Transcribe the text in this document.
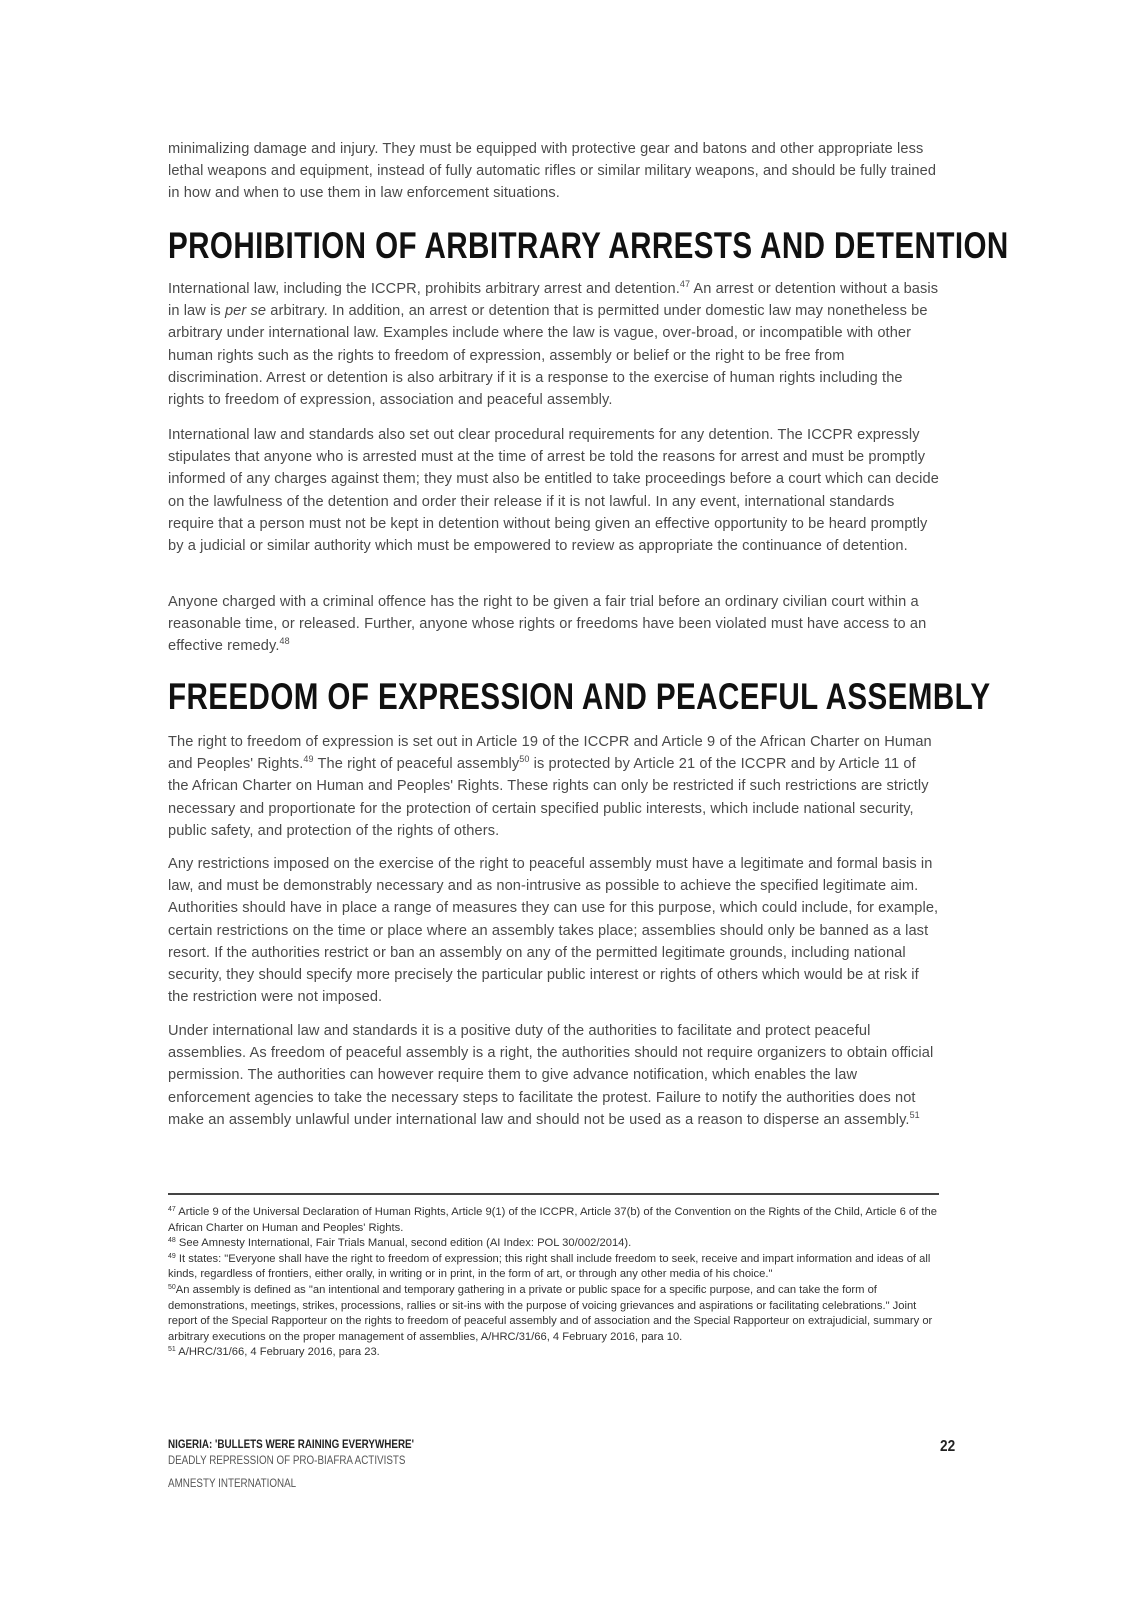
minimalizing damage and injury. They must be equipped with protective gear and batons and other appropriate less lethal weapons and equipment, instead of fully automatic rifles or similar military weapons, and should be fully trained in how and when to use them in law enforcement situations.

PROHIBITION OF ARBITRARY ARRESTS AND DETENTION

International law, including the ICCPR, prohibits arbitrary arrest and detention.$^{47}$ An arrest or detention without a basis in law is per se arbitrary. In addition, an arrest or detention that is permitted under domestic law may nonetheless be arbitrary under international law. Examples include where the law is vague, over-broad, or incompatible with other human rights such as the rights to freedom of expression, assembly or belief or the right to be free from discrimination. Arrest or detention is also arbitrary if it is a response to the exercise of human rights including the rights to freedom of expression, association and peaceful assembly.

International law and standards also set out clear procedural requirements for any detention. The ICCPR expressly stipulates that anyone who is arrested must at the time of arrest be told the reasons for arrest and must be promptly informed of any charges against them; they must also be entitled to take proceedings before a court which can decide on the lawfulness of the detention and order their release if it is not lawful. In any event, international standards require that a person must not be kept in detention without being given an effective opportunity to be heard promptly by a judicial or similar authority which must be empowered to review as appropriate the continuance of detention.

Anyone charged with a criminal offence has the right to be given a fair trial before an ordinary civilian court within a reasonable time, or released. Further, anyone whose rights or freedoms have been violated must have access to an effective remedy.$^{48}$

FREEDOM OF EXPRESSION AND PEACEFUL ASSEMBLY

The right to freedom of expression is set out in Article 19 of the ICCPR and Article 9 of the African Charter on Human and Peoples' Rights.$^{49}$ The right of peaceful assembly$^{50}$ is protected by Article 21 of the ICCPR and by Article 11 of the African Charter on Human and Peoples' Rights. These rights can only be restricted if such restrictions are strictly necessary and proportionate for the protection of certain specified public interests, which include national security, public safety, and protection of the rights of others.

Any restrictions imposed on the exercise of the right to peaceful assembly must have a legitimate and formal basis in law, and must be demonstrably necessary and as non-intrusive as possible to achieve the specified legitimate aim. Authorities should have in place a range of measures they can use for this purpose, which could include, for example, certain restrictions on the time or place where an assembly takes place; assemblies should only be banned as a last resort. If the authorities restrict or ban an assembly on any of the permitted legitimate grounds, including national security, they should specify more precisely the particular public interest or rights of others which would be at risk if the restriction were not imposed.

Under international law and standards it is a positive duty of the authorities to facilitate and protect peaceful assemblies. As freedom of peaceful assembly is a right, the authorities should not require organizers to obtain official permission. The authorities can however require them to give advance notification, which enables the law enforcement agencies to take the necessary steps to facilitate the protest. Failure to notify the authorities does not make an assembly unlawful under international law and should not be used as a reason to disperse an assembly.$^{51}$

$^{47}$ Article 9 of the Universal Declaration of Human Rights, Article 9(1) of the ICCPR, Article 37(b) of the Convention on the Rights of the Child, Article 6 of the African Charter on Human and Peoples' Rights.

$^{48}$ See Amnesty International, Fair Trials Manual, second edition (AI Index: POL 30/002/2014).

$^{49}$ It states: "Everyone shall have the right to freedom of expression; this right shall include freedom to seek, receive and impart information and ideas of all kinds, regardless of frontiers, either orally, in writing or in print, in the form of art, or through any other media of his choice."

$^{50}$An assembly is defined as "an intentional and temporary gathering in a private or public space for a specific purpose, and can take the form of demonstrations, meetings, strikes, processions, rallies or sit-ins with the purpose of voicing grievances and aspirations or facilitating celebrations." Joint report of the Special Rapporteur on the rights to freedom of peaceful assembly and of association and the Special Rapporteur on extrajudicial, summary or arbitrary executions on the proper management of assemblies, A/HRC/31/66, 4 February 2016, para 10.

$^{51}$ A/HRC/31/66, 4 February 2016, para 23.

NIGERIA: 'BULLETS WERE RAINING EVERYWHERE'
DEADLY REPRESSION OF PRO-BIAFRA ACTIVISTS
AMNESTY INTERNATIONAL
22
